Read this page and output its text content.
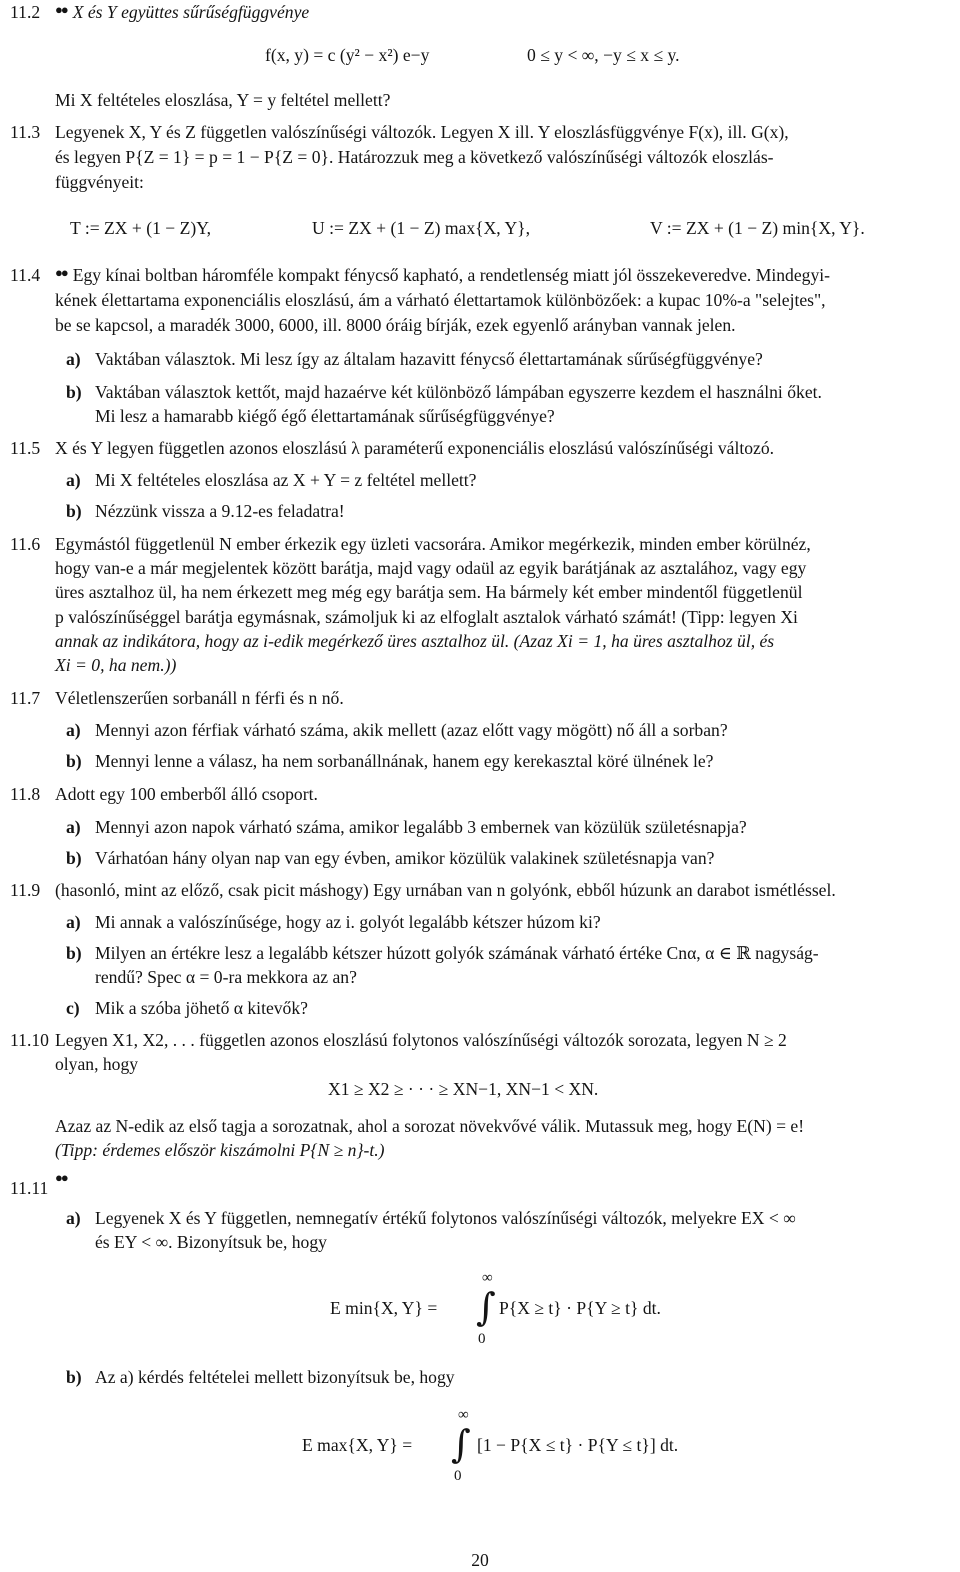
11.2 ●● X és Y együttes sűrűségfüggvénye
f(x, y) = c (y² − x²) e−y	0 ≤ y < ∞, −y ≤ x ≤ y.
Mi X feltételes eloszlása, Y = y feltétel mellett?
11.3 Legyenek X, Y és Z független valószínűségi változók. Legyen X ill. Y eloszlásfüggvénye F(x), ill. G(x),
és legyen P{Z = 1} = p = 1 − P{Z = 0}. Határozzuk meg a következő valószínűségi változók eloszlás-
függvényeit:
T := ZX + (1 − Z)Y,	U := ZX + (1 − Z) max{X, Y},	V := ZX + (1 − Z) min{X, Y}.
11.4 ●● Egy kínai boltban háromféle kompakt fénycső kapható, a rendetlenség miatt jól összekeveredve. Mindegyi-
kének élettartama exponenciális eloszlású, ám a várható élettartamok különbözőek: a kupac 10%-a "selejtes",
be se kapcsol, a maradék 3000, 6000, ill. 8000 óráig bírják, ezek egyenlő arányban vannak jelen.
a) Vaktában választok. Mi lesz így az általam hazavitt fénycső élettartamának sűrűségfüggvénye?
b) Vaktában választok kettőt, majd hazaérve két különböző lámpában egyszerre kezdem el használni őket.
Mi lesz a hamarabb kiégő égő élettartamának sűrűségfüggvénye?
11.5 X és Y legyen független azonos eloszlású λ paraméterű exponenciális eloszlású valószínűségi változó.
a) Mi X feltételes eloszlása az X + Y = z feltétel mellett?
b) Nézzünk vissza a 9.12-es feladatra!
11.6 Egymástól függetlenül N ember érkezik egy üzleti vacsorára. Amikor megérkezik, minden ember körülnéz,
hogy van-e a már megjelentek között barátja, majd vagy odaül az egyik barátjának az asztalához, vagy egy
üres asztalhoz ül, ha nem érkezett meg még egy barátja sem. Ha bármely két ember mindentől függetlenül
p valószínűséggel barátja egymásnak, számoljuk ki az elfoglalt asztalok várható számát! (Tipp: legyen Xi
annak az indikátora, hogy az i-edik megérkező üres asztalhoz ül. (Azaz Xi = 1, ha üres asztalhoz ül, és
Xi = 0, ha nem.))
11.7 Véletlenszerűen sorbanáll n férfi és n nő.
a) Mennyi azon férfiak várható száma, akik mellett (azaz előtt vagy mögött) nő áll a sorban?
b) Mennyi lenne a válasz, ha nem sorbanállnának, hanem egy kerekasztal köré ülnének le?
11.8 Adott egy 100 emberből álló csoport.
a) Mennyi azon napok várható száma, amikor legalább 3 embernek van közülük születésnapja?
b) Várhatóan hány olyan nap van egy évben, amikor közülük valakinek születésnapja van?
11.9 (hasonló, mint az előző, csak picit máshogy) Egy urnában van n golyónk, ebből húzunk an darabot ismétléssel.
a) Mi annak a valószínűsége, hogy az i. golyót legalább kétszer húzom ki?
b) Milyen an értékre lesz a legalább kétszer húzott golyók számának várható értéke Cnα, α ∈ ℝ nagyság-
rendű? Spec α = 0-ra mekkora az an?
c) Mik a szóba jöhető α kitevők?
11.10 Legyen X1, X2, . . . független azonos eloszlású folytonos valószínűségi változók sorozata, legyen N ≥ 2
olyan, hogy
X1 ≥ X2 ≥ · · · ≥ XN−1, XN−1 < XN.
Azaz az N-edik az első tagja a sorozatnak, ahol a sorozat növekvővé válik. Mutassuk meg, hogy E(N) = e!
(Tipp: érdemes először kiszámolni P{N ≥ n}-t.)
11.11
●●
a) Legyenek X és Y független, nemnegatív értékű folytonos valószínűségi változók, melyekre EX < ∞
és EY < ∞. Bizonyítsuk be, hogy
E min{X, Y} =
∞
∫
0
P{X ≥ t} · P{Y ≥ t} dt.
b) Az a) kérdés feltételei mellett bizonyítsuk be, hogy
E max{X, Y} =
∞
∫
0
[1 − P{X ≤ t} · P{Y ≤ t}] dt.
20
